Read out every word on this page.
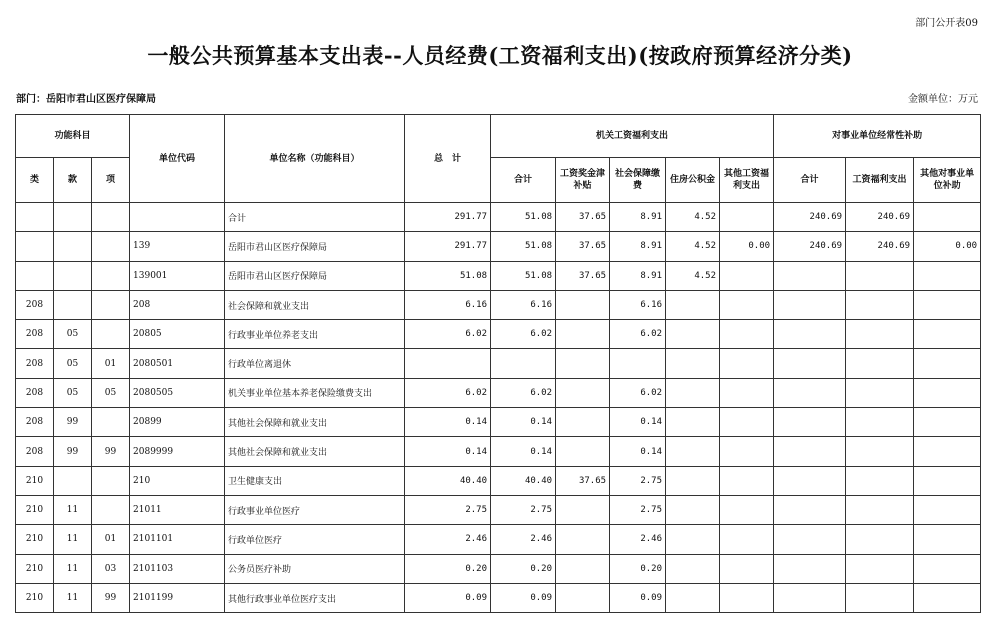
部门公开表09
一般公共预算基本支出表--人员经费(工资福利支出)(按政府预算经济分类)
部门：岳阳市君山区医疗保障局	金额单位：万元
功能科目			单位代码	单位名称（功能科目）	总　计	机关工资福利支出					对事业单位经常性补助		
类	款	项				合计	工资奖金津补贴	社会保障缴费	住房公积金	其他工资福利支出	合计	工资福利支出	其他对事业单位补助
				合计	291.77	51.08	37.65	8.91	4.52		240.69	240.69	
			139	岳阳市君山区医疗保障局	291.77	51.08	37.65	8.91	4.52	0.00	240.69	240.69	0.00
			139001	岳阳市君山区医疗保障局	51.08	51.08	37.65	8.91	4.52				
208			208	社会保障和就业支出	6.16	6.16		6.16					
208	05		20805	行政事业单位养老支出	6.02	6.02		6.02					
208	05	01	2080501	行政单位离退休									
208	05	05	2080505	机关事业单位基本养老保险缴费支出	6.02	6.02		6.02					
208	99		20899	其他社会保障和就业支出	0.14	0.14		0.14					
208	99	99	2089999	其他社会保障和就业支出	0.14	0.14		0.14					
210			210	卫生健康支出	40.40	40.40	37.65	2.75					
210	11		21011	行政事业单位医疗	2.75	2.75		2.75					
210	11	01	2101101	行政单位医疗	2.46	2.46		2.46					
210	11	03	2101103	公务员医疗补助	0.20	0.20		0.20					
210	11	99	2101199	其他行政事业单位医疗支出	0.09	0.09		0.09					
